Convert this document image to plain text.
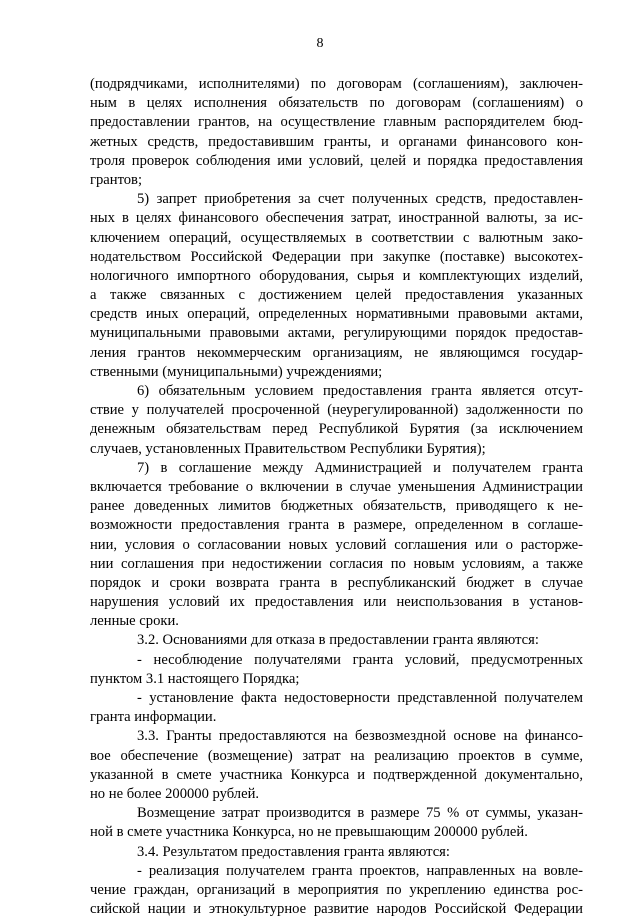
8
(подрядчиками, исполнителями) по договорам (соглашениям), заключен-
ным в целях исполнения обязательств по договорам (соглашениям) о
предоставлении грантов, на осуществление главным распорядителем бюд-
жетных средств, предоставившим гранты, и органами финансового кон-
троля проверок соблюдения ими условий, целей и порядка предоставления
грантов;
5) запрет приобретения за счет полученных средств, предоставлен-
ных в целях финансового обеспечения затрат, иностранной валюты, за ис-
ключением операций, осуществляемых в соответствии с валютным зако-
нодательством Российской Федерации при закупке (поставке) высокотех-
нологичного импортного оборудования, сырья и комплектующих изделий,
а также связанных с достижением целей предоставления указанных
средств иных операций, определенных нормативными правовыми актами,
муниципальными правовыми актами, регулирующими порядок предостав-
ления грантов некоммерческим организациям, не являющимся государ-
ственными (муниципальными) учреждениями;
6) обязательным условием предоставления гранта является отсут-
ствие у получателей просроченной (неурегулированной) задолженности по
денежным обязательствам перед Республикой Бурятия (за исключением
случаев, установленных Правительством Республики Бурятия);
7) в соглашение между Администрацией и получателем гранта
включается требование о включении в случае уменьшения Администрации
ранее доведенных лимитов бюджетных обязательств, приводящего к не-
возможности предоставления гранта в размере, определенном в соглаше-
нии, условия о согласовании новых условий соглашения или о расторже-
нии соглашения при недостижении согласия по новым условиям, а также
порядок и сроки возврата гранта в республиканский бюджет в случае
нарушения условий их предоставления или неиспользования в установ-
ленные сроки.
3.2. Основаниями для отказа в предоставлении гранта являются:
- несоблюдение получателями гранта условий, предусмотренных
пунктом 3.1 настоящего Порядка;
- установление факта недостоверности представленной получателем
гранта информации.
3.3. Гранты предоставляются на безвозмездной основе на финансо-
вое обеспечение (возмещение) затрат на реализацию проектов в сумме,
указанной в смете участника Конкурса и подтвержденной документально,
но не более 200000 рублей.
Возмещение затрат производится в размере 75 % от суммы, указан-
ной в смете участника Конкурса, но не превышающим 200000 рублей.
3.4. Результатом предоставления гранта являются:
- реализация получателем гранта проектов, направленных на вовле-
чение граждан, организаций в мероприятия по укреплению единства рос-
сийской нации и этнокультурное развитие народов Российской Федерации
